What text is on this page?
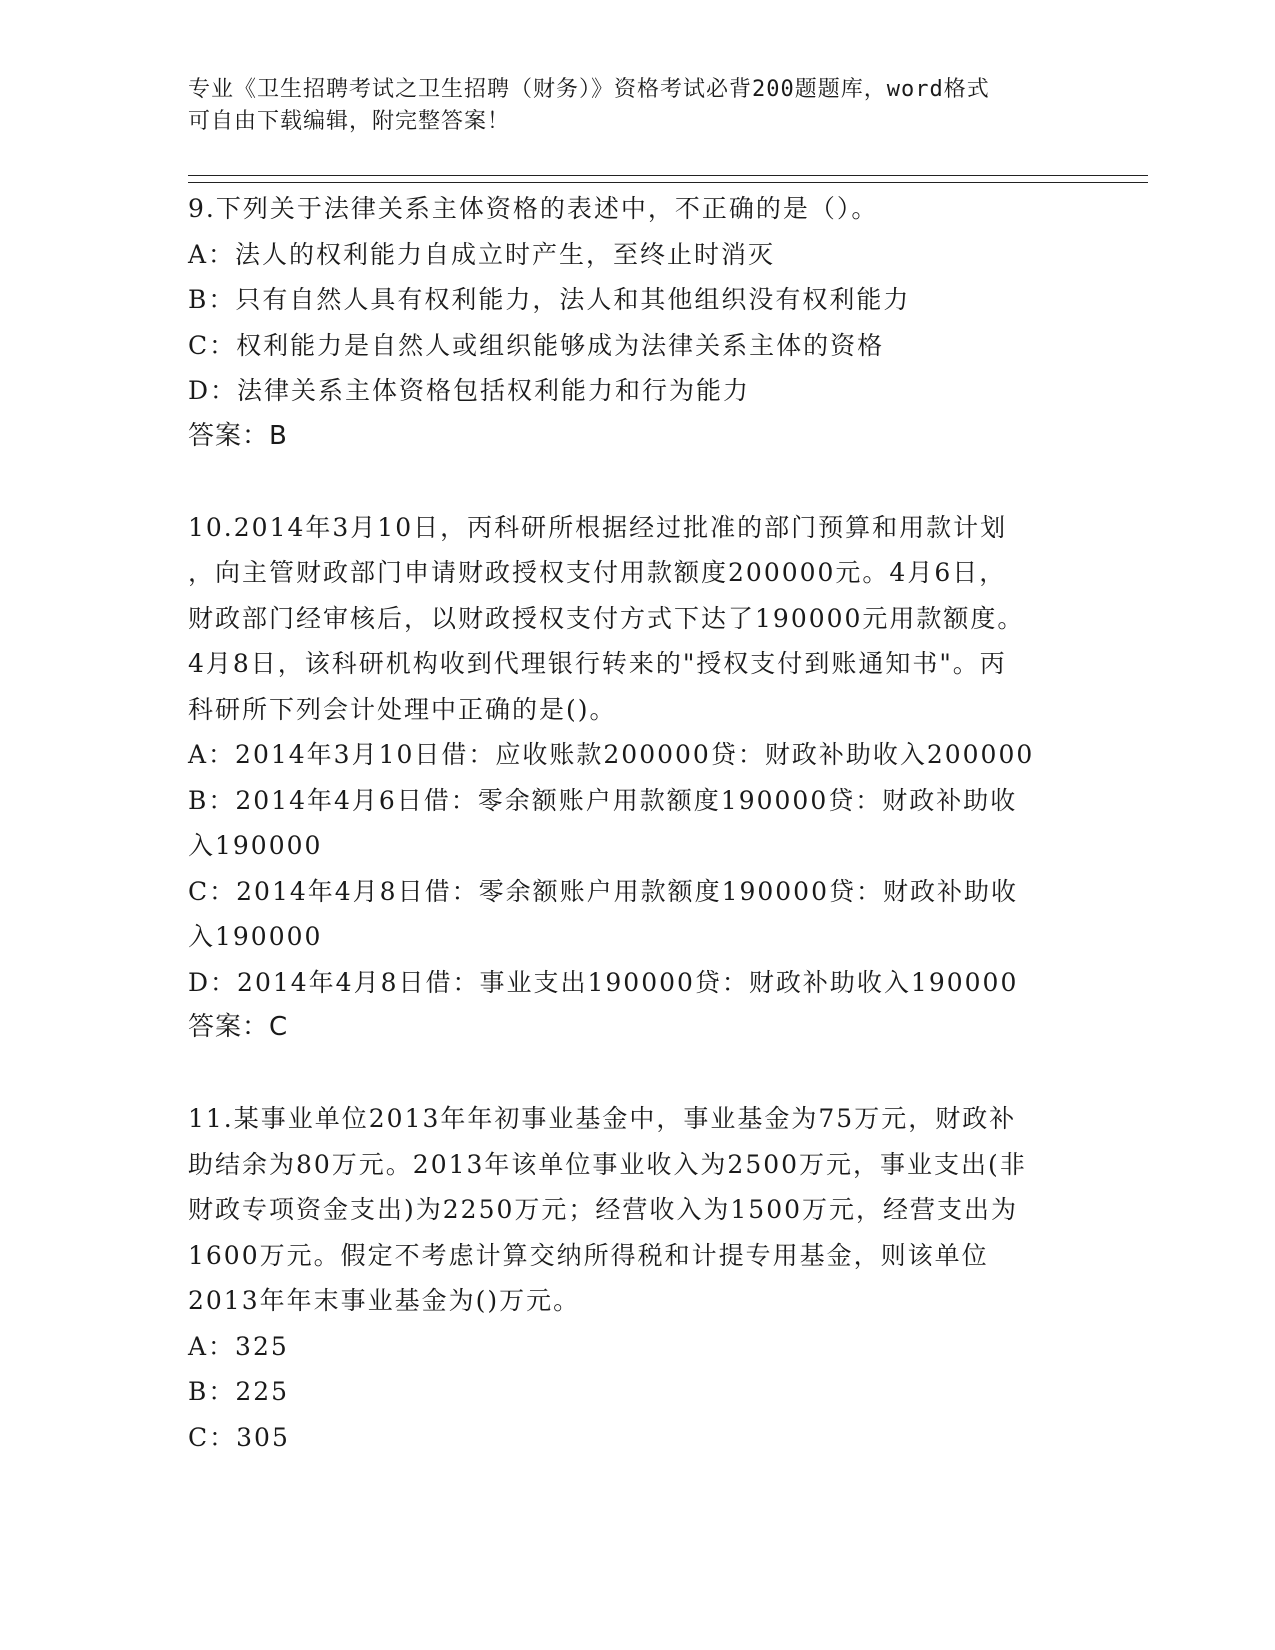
专业《卫生招聘考试之卫生招聘（财务）》资格考试必背200题题库，word格式
可自由下载编辑，附完整答案！
9.下列关于法律关系主体资格的表述中，不正确的是（）。
A：法人的权利能力自成立时产生，至终止时消灭
B：只有自然人具有权利能力，法人和其他组织没有权利能力
C：权利能力是自然人或组织能够成为法律关系主体的资格
D：法律关系主体资格包括权利能力和行为能力
答案：B
10.2014年3月10日，丙科研所根据经过批准的部门预算和用款计划
，向主管财政部门申请财政授权支付用款额度200000元。4月6日，
财政部门经审核后，以财政授权支付方式下达了190000元用款额度。
4月8日，该科研机构收到代理银行转来的"授权支付到账通知书"。丙
科研所下列会计处理中正确的是()。
A：2014年3月10日借：应收账款200000贷：财政补助收入200000
B：2014年4月6日借：零余额账户用款额度190000贷：财政补助收
入190000
C：2014年4月8日借：零余额账户用款额度190000贷：财政补助收
入190000
D：2014年4月8日借：事业支出190000贷：财政补助收入190000
答案：C
11.某事业单位2013年年初事业基金中，事业基金为75万元，财政补
助结余为80万元。2013年该单位事业收入为2500万元，事业支出(非
财政专项资金支出)为2250万元；经营收入为1500万元，经营支出为
1600万元。假定不考虑计算交纳所得税和计提专用基金，则该单位
2013年年末事业基金为()万元。
A：325
B：225
C：305
